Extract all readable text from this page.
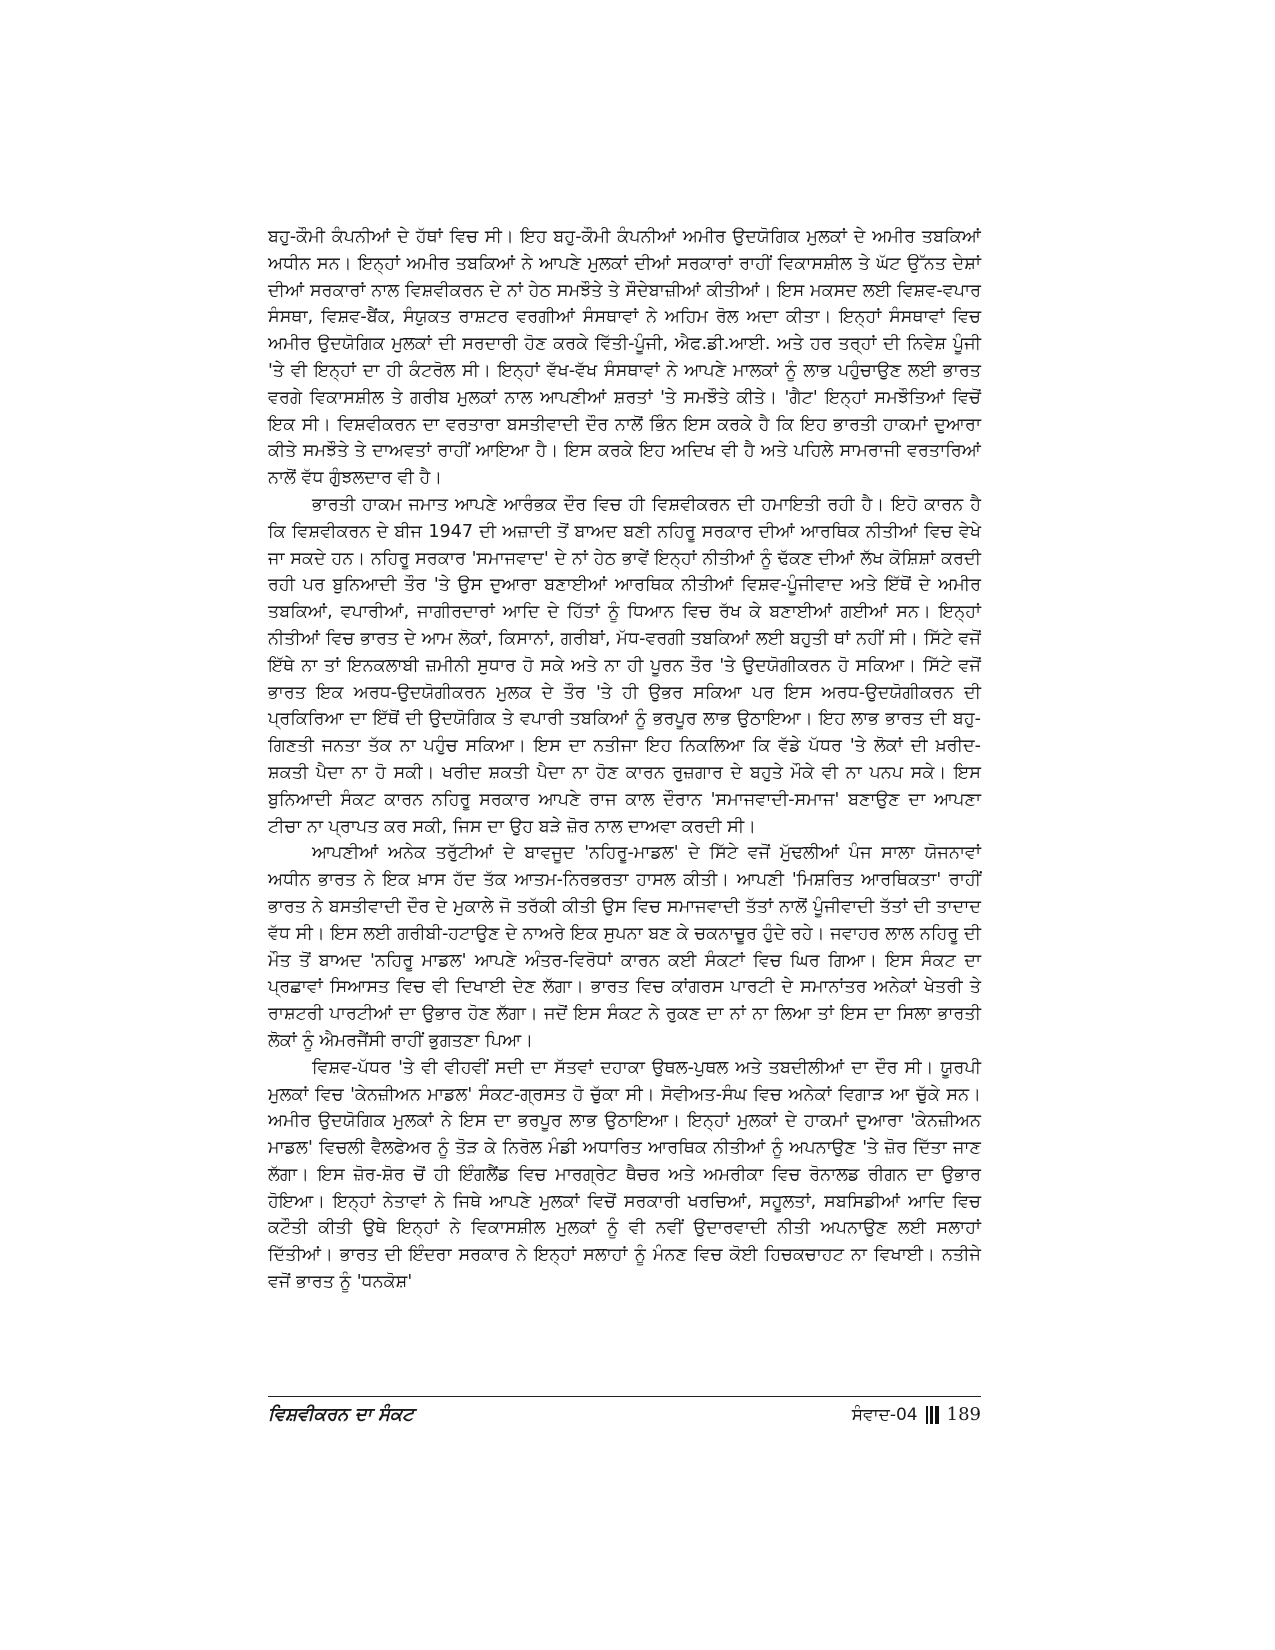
ਬਹੁ-ਕੌਮੀ ਕੰਪਨੀਆਂ ਦੇ ਹੱਥਾਂ ਵਿਚ ਸੀ। ਇਹ ਬਹੁ-ਕੌਮੀ ਕੰਪਨੀਆਂ ਅਮੀਰ ਉਦਯੋਗਿਕ ਮੁਲਕਾਂ ਦੇ ਅਮੀਰ ਤਬਕਿਆਂ ਅਧੀਨ ਸਨ। ਇਨ੍ਹਾਂ ਅਮੀਰ ਤਬਕਿਆਂ ਨੇ ਆਪਣੇ ਮੁਲਕਾਂ ਦੀਆਂ ਸਰਕਾਰਾਂ ਰਾਹੀਂ ਵਿਕਾਸਸ਼ੀਲ ਤੇ ਘੱਟ ਉੱਨਤ ਦੇਸ਼ਾਂ ਦੀਆਂ ਸਰਕਾਰਾਂ ਨਾਲ ਵਿਸ਼ਵੀਕਰਨ ਦੇ ਨਾਂ ਹੇਠ ਸਮਝੌਤੇ ਤੇ ਸੌਦੇਬਾਜ਼ੀਆਂ ਕੀਤੀਆਂ। ਇਸ ਮਕਸਦ ਲਈ ਵਿਸ਼ਵ-ਵਪਾਰ ਸੰਸਥਾ, ਵਿਸ਼ਵ-ਬੈਂਕ, ਸੰਯੁਕਤ ਰਾਸ਼ਟਰ ਵਰਗੀਆਂ ਸੰਸਥਾਵਾਂ ਨੇ ਅਹਿਮ ਰੋਲ ਅਦਾ ਕੀਤਾ। ਇਨ੍ਹਾਂ ਸੰਸਥਾਵਾਂ ਵਿਚ ਅਮੀਰ ਉਦਯੋਗਿਕ ਮੁਲਕਾਂ ਦੀ ਸਰਦਾਰੀ ਹੋਣ ਕਰਕੇ ਵਿੱਤੀ-ਪੂੰਜੀ, ਐਫ.ਡੀ.ਆਈ. ਅਤੇ ਹਰ ਤਰ੍ਹਾਂ ਦੀ ਨਿਵੇਸ਼ ਪੂੰਜੀ 'ਤੇ ਵੀ ਇਨ੍ਹਾਂ ਦਾ ਹੀ ਕੰਟਰੋਲ ਸੀ। ਇਨ੍ਹਾਂ ਵੱਖ-ਵੱਖ ਸੰਸਥਾਵਾਂ ਨੇ ਆਪਣੇ ਮਾਲਕਾਂ ਨੂੰ ਲਾਭ ਪਹੁੰਚਾਉਣ ਲਈ ਭਾਰਤ ਵਰਗੇ ਵਿਕਾਸਸ਼ੀਲ ਤੇ ਗਰੀਬ ਮੁਲਕਾਂ ਨਾਲ ਆਪਣੀਆਂ ਸ਼ਰਤਾਂ 'ਤੇ ਸਮਝੌਤੇ ਕੀਤੇ। 'ਗੈਟ' ਇਨ੍ਹਾਂ ਸਮਝੌਤਿਆਂ ਵਿਚੋਂ ਇਕ ਸੀ। ਵਿਸ਼ਵੀਕਰਨ ਦਾ ਵਰਤਾਰਾ ਬਸਤੀਵਾਦੀ ਦੌਰ ਨਾਲੋਂ ਭਿੰਨ ਇਸ ਕਰਕੇ ਹੈ ਕਿ ਇਹ ਭਾਰਤੀ ਹਾਕਮਾਂ ਦੁਆਰਾ ਕੀਤੇ ਸਮਝੌਤੇ ਤੇ ਦਾਅਵਤਾਂ ਰਾਹੀਂ ਆਇਆ ਹੈ। ਇਸ ਕਰਕੇ ਇਹ ਅਦਿਖ ਵੀ ਹੈ ਅਤੇ ਪਹਿਲੇ ਸਾਮਰਾਜੀ ਵਰਤਾਰਿਆਂ ਨਾਲੋਂ ਵੱਧ ਗੁੰਝਲਦਾਰ ਵੀ ਹੈ।

ਭਾਰਤੀ ਹਾਕਮ ਜਮਾਤ ਆਪਣੇ ਆਰੰਭਕ ਦੌਰ ਵਿਚ ਹੀ ਵਿਸ਼ਵੀਕਰਨ ਦੀ ਹਮਾਇਤੀ ਰਹੀ ਹੈ। ਇਹੋ ਕਾਰਨ ਹੈ ਕਿ ਵਿਸ਼ਵੀਕਰਨ ਦੇ ਬੀਜ 1947 ਦੀ ਅਜ਼ਾਦੀ ਤੋਂ ਬਾਅਦ ਬਣੀ ਨਹਿਰੂ ਸਰਕਾਰ ਦੀਆਂ ਆਰਥਿਕ ਨੀਤੀਆਂ ਵਿਚ ਵੇਖੇ ਜਾ ਸਕਦੇ ਹਨ। ਨਹਿਰੂ ਸਰਕਾਰ 'ਸਮਾਜਵਾਦ' ਦੇ ਨਾਂ ਹੇਠ ਭਾਵੇਂ ਇਨ੍ਹਾਂ ਨੀਤੀਆਂ ਨੂੰ ਢੱਕਣ ਦੀਆਂ ਲੱਖ ਕੋਸ਼ਿਸ਼ਾਂ ਕਰਦੀ ਰਹੀ ਪਰ ਬੁਨਿਆਦੀ ਤੌਰ 'ਤੇ ਉਸ ਦੁਆਰਾ ਬਣਾਈਆਂ ਆਰਥਿਕ ਨੀਤੀਆਂ ਵਿਸ਼ਵ-ਪੂੰਜੀਵਾਦ ਅਤੇ ਇੱਥੋਂ ਦੇ ਅਮੀਰ ਤਬਕਿਆਂ, ਵਪਾਰੀਆਂ, ਜਾਗੀਰਦਾਰਾਂ ਆਦਿ ਦੇ ਹਿੱਤਾਂ ਨੂੰ ਧਿਆਨ ਵਿਚ ਰੱਖ ਕੇ ਬਣਾਈਆਂ ਗਈਆਂ ਸਨ। ਇਨ੍ਹਾਂ ਨੀਤੀਆਂ ਵਿਚ ਭਾਰਤ ਦੇ ਆਮ ਲੋਕਾਂ, ਕਿਸਾਨਾਂ, ਗਰੀਬਾਂ, ਮੱਧ-ਵਰਗੀ ਤਬਕਿਆਂ ਲਈ ਬਹੁਤੀ ਥਾਂ ਨਹੀਂ ਸੀ। ਸਿੱਟੇ ਵਜੋਂ ਇੱਥੇ ਨਾ ਤਾਂ ਇਨਕਲਾਬੀ ਜ਼ਮੀਨੀ ਸੁਧਾਰ ਹੋ ਸਕੇ ਅਤੇ ਨਾ ਹੀ ਪੂਰਨ ਤੌਰ 'ਤੇ ਉਦਯੋਗੀਕਰਨ ਹੋ ਸਕਿਆ। ਸਿੱਟੇ ਵਜੋਂ ਭਾਰਤ ਇਕ ਅਰਧ-ਉਦਯੋਗੀਕਰਨ ਮੁਲਕ ਦੇ ਤੌਰ 'ਤੇ ਹੀ ਉਭਰ ਸਕਿਆ ਪਰ ਇਸ ਅਰਧ-ਉਦਯੋਗੀਕਰਨ ਦੀ ਪ੍ਰਕਿਰਿਆ ਦਾ ਇੱਥੋਂ ਦੀ ਉਦਯੋਗਿਕ ਤੇ ਵਪਾਰੀ ਤਬਕਿਆਂ ਨੂੰ ਭਰਪੂਰ ਲਾਭ ਉਠਾਇਆ। ਇਹ ਲਾਭ ਭਾਰਤ ਦੀ ਬਹੁ-ਗਿਣਤੀ ਜਨਤਾ ਤੱਕ ਨਾ ਪਹੁੰਚ ਸਕਿਆ। ਇਸ ਦਾ ਨਤੀਜਾ ਇਹ ਨਿਕਲਿਆ ਕਿ ਵੱਡੇ ਪੱਧਰ 'ਤੇ ਲੋਕਾਂ ਦੀ ਖ਼ਰੀਦ-ਸ਼ਕਤੀ ਪੈਦਾ ਨਾ ਹੋ ਸਕੀ। ਖਰੀਦ ਸ਼ਕਤੀ ਪੈਦਾ ਨਾ ਹੋਣ ਕਾਰਨ ਰੁਜ਼ਗਾਰ ਦੇ ਬਹੁਤੇ ਮੌਕੇ ਵੀ ਨਾ ਪਨਪ ਸਕੇ। ਇਸ ਬੁਨਿਆਦੀ ਸੰਕਟ ਕਾਰਨ ਨਹਿਰੂ ਸਰਕਾਰ ਆਪਣੇ ਰਾਜ ਕਾਲ ਦੌਰਾਨ 'ਸਮਾਜਵਾਦੀ-ਸਮਾਜ' ਬਣਾਉਣ ਦਾ ਆਪਣਾ ਟੀਚਾ ਨਾ ਪ੍ਰਾਪਤ ਕਰ ਸਕੀ, ਜਿਸ ਦਾ ਉਹ ਬੜੇ ਜ਼ੋਰ ਨਾਲ ਦਾਅਵਾ ਕਰਦੀ ਸੀ।

ਆਪਣੀਆਂ ਅਨੇਕ ਤਰੁੱਟੀਆਂ ਦੇ ਬਾਵਜੂਦ 'ਨਹਿਰੂ-ਮਾਡਲ' ਦੇ ਸਿੱਟੇ ਵਜੋਂ ਮੁੱਢਲੀਆਂ ਪੰਜ ਸਾਲਾ ਯੋਜਨਾਵਾਂ ਅਧੀਨ ਭਾਰਤ ਨੇ ਇਕ ਖ਼ਾਸ ਹੱਦ ਤੱਕ ਆਤਮ-ਨਿਰਭਰਤਾ ਹਾਸਲ ਕੀਤੀ। ਆਪਣੀ 'ਮਿਸ਼ਰਿਤ ਆਰਥਿਕਤਾ' ਰਾਹੀਂ ਭਾਰਤ ਨੇ ਬਸਤੀਵਾਦੀ ਦੌਰ ਦੇ ਮੁਕਾਲੇ ਜੋ ਤਰੱਕੀ ਕੀਤੀ ਉਸ ਵਿਚ ਸਮਾਜਵਾਦੀ ਤੱਤਾਂ ਨਾਲੋਂ ਪੂੰਜੀਵਾਦੀ ਤੱਤਾਂ ਦੀ ਤਾਦਾਦ ਵੱਧ ਸੀ। ਇਸ ਲਈ ਗਰੀਬੀ-ਹਟਾਉਣ ਦੇ ਨਾਅਰੇ ਇਕ ਸੁਪਨਾ ਬਣ ਕੇ ਚਕਨਾਚੂਰ ਹੁੰਦੇ ਰਹੇ। ਜਵਾਹਰ ਲਾਲ ਨਹਿਰੂ ਦੀ ਮੌਤ ਤੋਂ ਬਾਅਦ 'ਨਹਿਰੂ ਮਾਡਲ' ਆਪਣੇ ਅੰਤਰ-ਵਿਰੋਧਾਂ ਕਾਰਨ ਕਈ ਸੰਕਟਾਂ ਵਿਚ ਘਿਰ ਗਿਆ। ਇਸ ਸੰਕਟ ਦਾ ਪ੍ਰਛਾਵਾਂ ਸਿਆਸਤ ਵਿਚ ਵੀ ਦਿਖਾਈ ਦੇਣ ਲੱਗਾ। ਭਾਰਤ ਵਿਚ ਕਾਂਗਰਸ ਪਾਰਟੀ ਦੇ ਸਮਾਨਾਂਤਰ ਅਨੇਕਾਂ ਖੇਤਰੀ ਤੇ ਰਾਸ਼ਟਰੀ ਪਾਰਟੀਆਂ ਦਾ ਉਭਾਰ ਹੋਣ ਲੱਗਾ। ਜਦੋਂ ਇਸ ਸੰਕਟ ਨੇ ਰੁਕਣ ਦਾ ਨਾਂ ਨਾ ਲਿਆ ਤਾਂ ਇਸ ਦਾ ਸਿਲਾ ਭਾਰਤੀ ਲੋਕਾਂ ਨੂੰ ਐਮਰਜੈਂਸੀ ਰਾਹੀਂ ਭੁਗਤਣਾ ਪਿਆ।

ਵਿਸ਼ਵ-ਪੱਧਰ 'ਤੇ ਵੀ ਵੀਹਵੀਂ ਸਦੀ ਦਾ ਸੱਤਵਾਂ ਦਹਾਕਾ ਉਥਲ-ਪੁਥਲ ਅਤੇ ਤਬਦੀਲੀਆਂ ਦਾ ਦੌਰ ਸੀ। ਯੂਰਪੀ ਮੁਲਕਾਂ ਵਿਚ 'ਕੇਨਜ਼ੀਅਨ ਮਾਡਲ' ਸੰਕਟ-ਗ੍ਰਸਤ ਹੋ ਚੁੱਕਾ ਸੀ। ਸੋਵੀਅਤ-ਸੰਘ ਵਿਚ ਅਨੇਕਾਂ ਵਿਗਾੜ ਆ ਚੁੱਕੇ ਸਨ। ਅਮੀਰ ਉਦਯੋਗਿਕ ਮੁਲਕਾਂ ਨੇ ਇਸ ਦਾ ਭਰਪੂਰ ਲਾਭ ਉਠਾਇਆ। ਇਨ੍ਹਾਂ ਮੁਲਕਾਂ ਦੇ ਹਾਕਮਾਂ ਦੁਆਰਾ 'ਕੇਨਜ਼ੀਅਨ ਮਾਡਲ' ਵਿਚਲੀ ਵੈਲਫੇਅਰ ਨੂੰ ਤੋੜ ਕੇ ਨਿਰੋਲ ਮੰਡੀ ਅਧਾਰਿਤ ਆਰਥਿਕ ਨੀਤੀਆਂ ਨੂੰ ਅਪਨਾਉਣ 'ਤੇ ਜ਼ੋਰ ਦਿੱਤਾ ਜਾਣ ਲੱਗਾ। ਇਸ ਜ਼ੋਰ-ਸ਼ੋਰ ਚੋਂ ਹੀ ਇੰਗਲੈਂਡ ਵਿਚ ਮਾਰਗ੍ਰੇਟ ਥੈਚਰ ਅਤੇ ਅਮਰੀਕਾ ਵਿਚ ਰੋਨਾਲਡ ਰੀਗਨ ਦਾ ਉਭਾਰ ਹੋਇਆ। ਇਨ੍ਹਾਂ ਨੇਤਾਵਾਂ ਨੇ ਜਿਥੇ ਆਪਣੇ ਮੁਲਕਾਂ ਵਿਚੋਂ ਸਰਕਾਰੀ ਖਰਚਿਆਂ, ਸਹੂਲਤਾਂ, ਸਬਸਿਡੀਆਂ ਆਦਿ ਵਿਚ ਕਟੌਤੀ ਕੀਤੀ ਉਥੇ ਇਨ੍ਹਾਂ ਨੇ ਵਿਕਾਸਸ਼ੀਲ ਮੁਲਕਾਂ ਨੂੰ ਵੀ ਨਵੀਂ ਉਦਾਰਵਾਦੀ ਨੀਤੀ ਅਪਨਾਉਣ ਲਈ ਸਲਾਹਾਂ ਦਿੱਤੀਆਂ। ਭਾਰਤ ਦੀ ਇੰਦਰਾ ਸਰਕਾਰ ਨੇ ਇਨ੍ਹਾਂ ਸਲਾਹਾਂ ਨੂੰ ਮੰਨਣ ਵਿਚ ਕੋਈ ਹਿਚਕਚਾਹਟ ਨਾ ਵਿਖਾਈ। ਨਤੀਜੇ ਵਜੋਂ ਭਾਰਤ ਨੂੰ 'ਧਨਕੋਸ਼'

ਵਿਸ਼ਵੀਕਰਨ ਦਾ ਸੰਕਟ	ਸੰਵਾਦ-04 189
